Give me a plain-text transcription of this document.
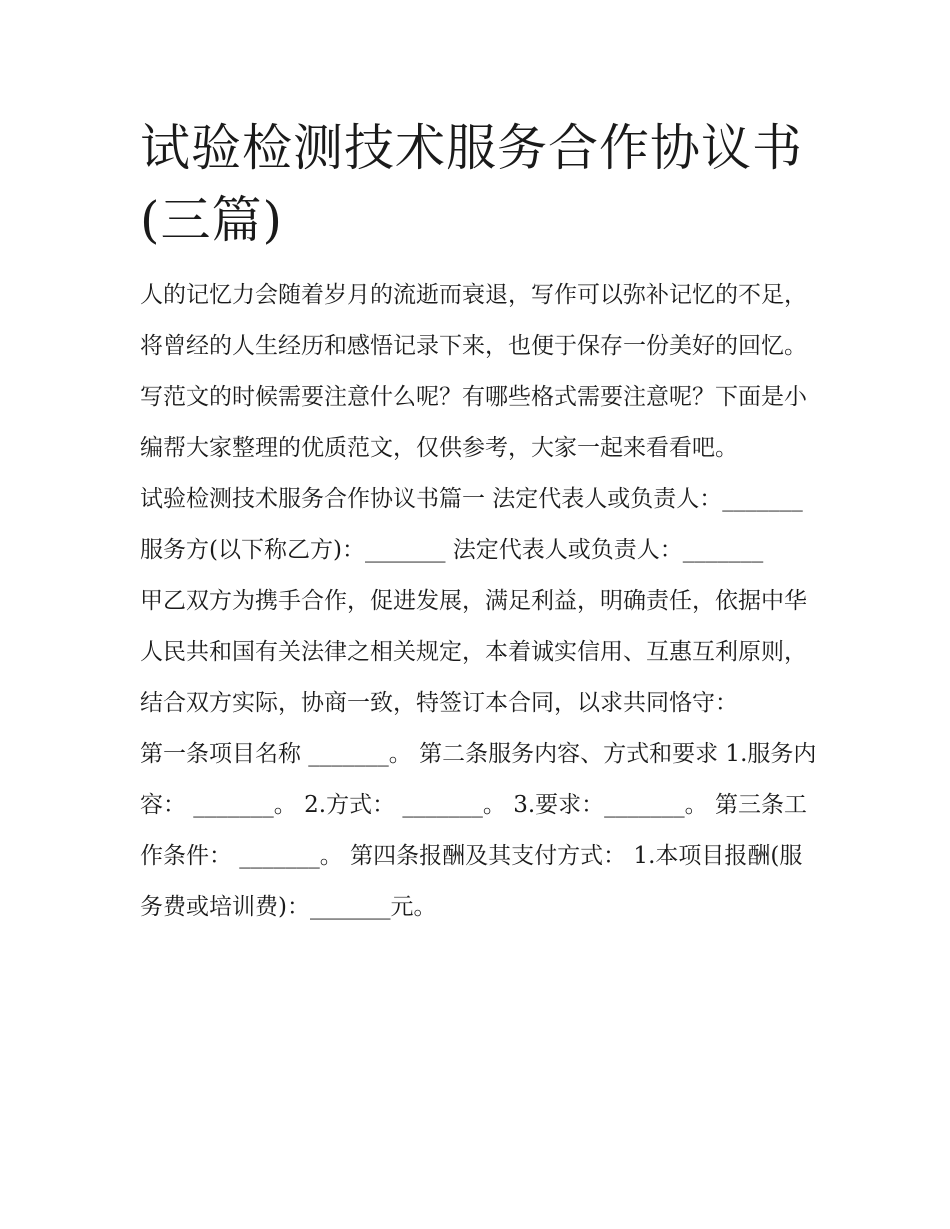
试验检测技术服务合作协议书(三篇)

人的记忆力会随着岁月的流逝而衰退，写作可以弥补记忆的不足，将曾经的人生经历和感悟记录下来，也便于保存一份美好的回忆。写范文的时候需要注意什么呢？有哪些格式需要注意呢？下面是小编帮大家整理的优质范文，仅供参考，大家一起来看看吧。

试验检测技术服务合作协议书篇一 法定代表人或负责人：_______ 服务方(以下称乙方)：_______ 法定代表人或负责人：_______

甲乙双方为携手合作，促进发展，满足利益，明确责任，依据中华人民共和国有关法律之相关规定，本着诚实信用、互惠互利原则，结合双方实际，协商一致，特签订本合同，以求共同恪守：

第一条项目名称 _______。 第二条服务内容、方式和要求 1.服务内容： _______。 2.方式： _______。 3.要求：_______。 第三条工作条件： _______。 第四条报酬及其支付方式： 1.本项目报酬(服务费或培训费)：_______元。
